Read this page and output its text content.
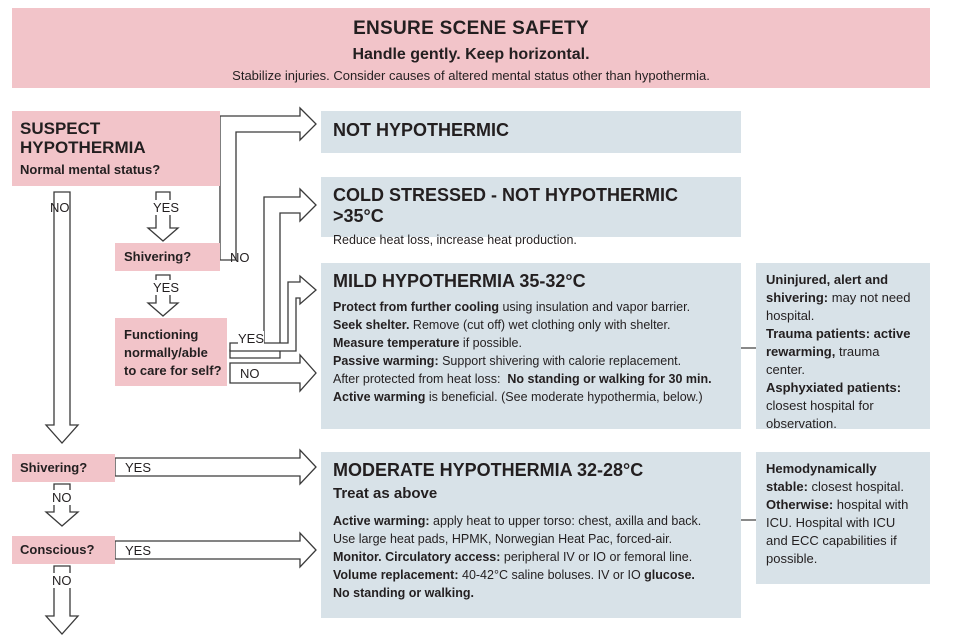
ENSURE SCENE SAFETY
Handle gently. Keep horizontal.
Stabilize injuries. Consider causes of altered mental status other than hypothermia.
SUSPECT
HYPOTHERMIA
Normal mental status?
NO	YES
Shivering?	NO
YES
Functioning
normally/able
to care for self?
YES
NO
Shivering?	YES
NO
Conscious?	YES
NO
NOT HYPOTHERMIC
COLD STRESSED - NOT HYPOTHERMIC >35°C
Reduce heat loss, increase heat production.
MILD HYPOTHERMIA 35-32°C
Protect from further cooling using insulation and vapor barrier.
Seek shelter. Remove (cut off) wet clothing only with shelter.
Measure temperature if possible.
Passive warming: Support shivering with calorie replacement.
After protected from heat loss:  No standing or walking for 30 min.
Active warming is beneficial. (See moderate hypothermia, below.)
Uninjured, alert and shivering: may not need hospital.
Trauma patients: active rewarming, trauma center.
Asphyxiated patients: closest hospital for observation.
MODERATE HYPOTHERMIA 32-28°C
Treat as above
Active warming: apply heat to upper torso: chest, axilla and back.
Use large heat pads, HPMK, Norwegian Heat Pac, forced-air.
Monitor. Circulatory access: peripheral IV or IO or femoral line.
Volume replacement: 40-42°C saline boluses. IV or IO glucose.
No standing or walking.
Hemodynamically stable: closest hospital.
Otherwise: hospital with ICU. Hospital with ICU and ECC capabilities if possible.
